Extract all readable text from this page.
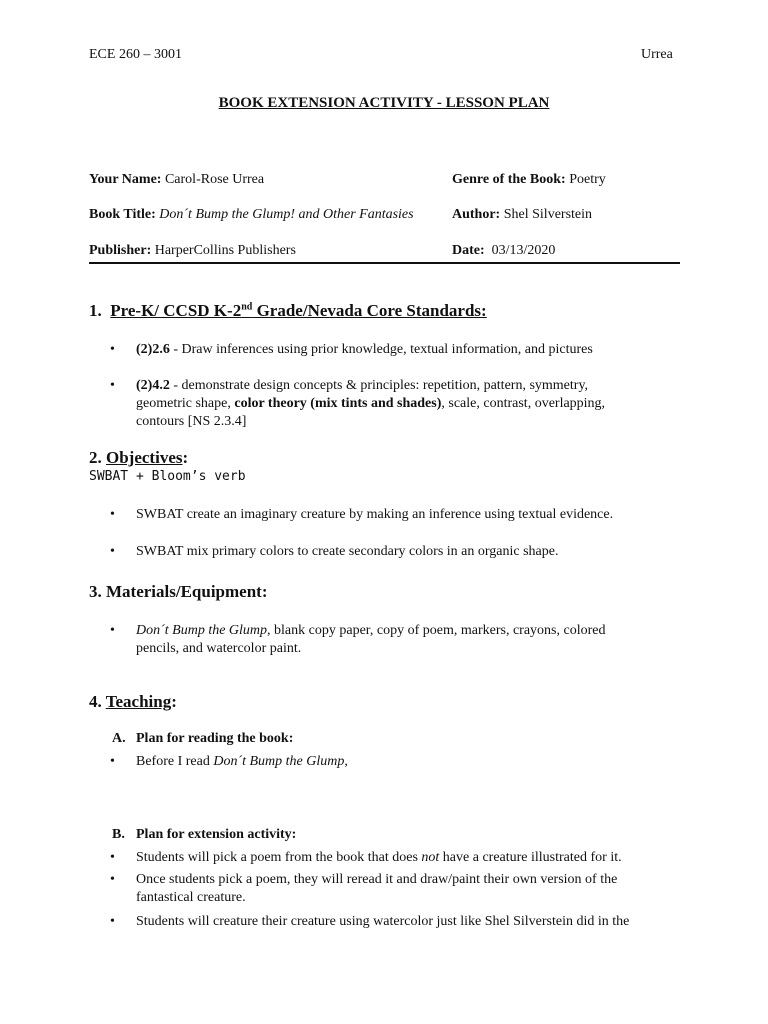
ECE 260 – 3001	Urrea
BOOK EXTENSION ACTIVITY - LESSON PLAN
Your Name: Carol-Rose Urrea	Genre of the Book: Poetry
Book Title: Don´t Bump the Glump! and Other Fantasies	Author: Shel Silverstein
Publisher: HarperCollins Publishers	Date: 03/13/2020
1. Pre-K/ CCSD K-2nd Grade/Nevada Core Standards:
• (2)2.6 - Draw inferences using prior knowledge, textual information, and pictures
• (2)4.2 - demonstrate design concepts & principles: repetition, pattern, symmetry,
geometric shape, color theory (mix tints and shades), scale, contrast, overlapping,
contours [NS 2.3.4]
2. Objectives:
SWBAT + Bloom’s verb
• SWBAT create an imaginary creature by making an inference using textual evidence.
• SWBAT mix primary colors to create secondary colors in an organic shape.
3. Materials/Equipment:
• Don´t Bump the Glump, blank copy paper, copy of poem, markers, crayons, colored
pencils, and watercolor paint.
4. Teaching:
A. Plan for reading the book:
• Before I read Don´t Bump the Glump,
B. Plan for extension activity:
• Students will pick a poem from the book that does not have a creature illustrated for it.
• Once students pick a poem, they will reread it and draw/paint their own version of the
fantastical creature.
• Students will creature their creature using watercolor just like Shel Silverstein did in the
